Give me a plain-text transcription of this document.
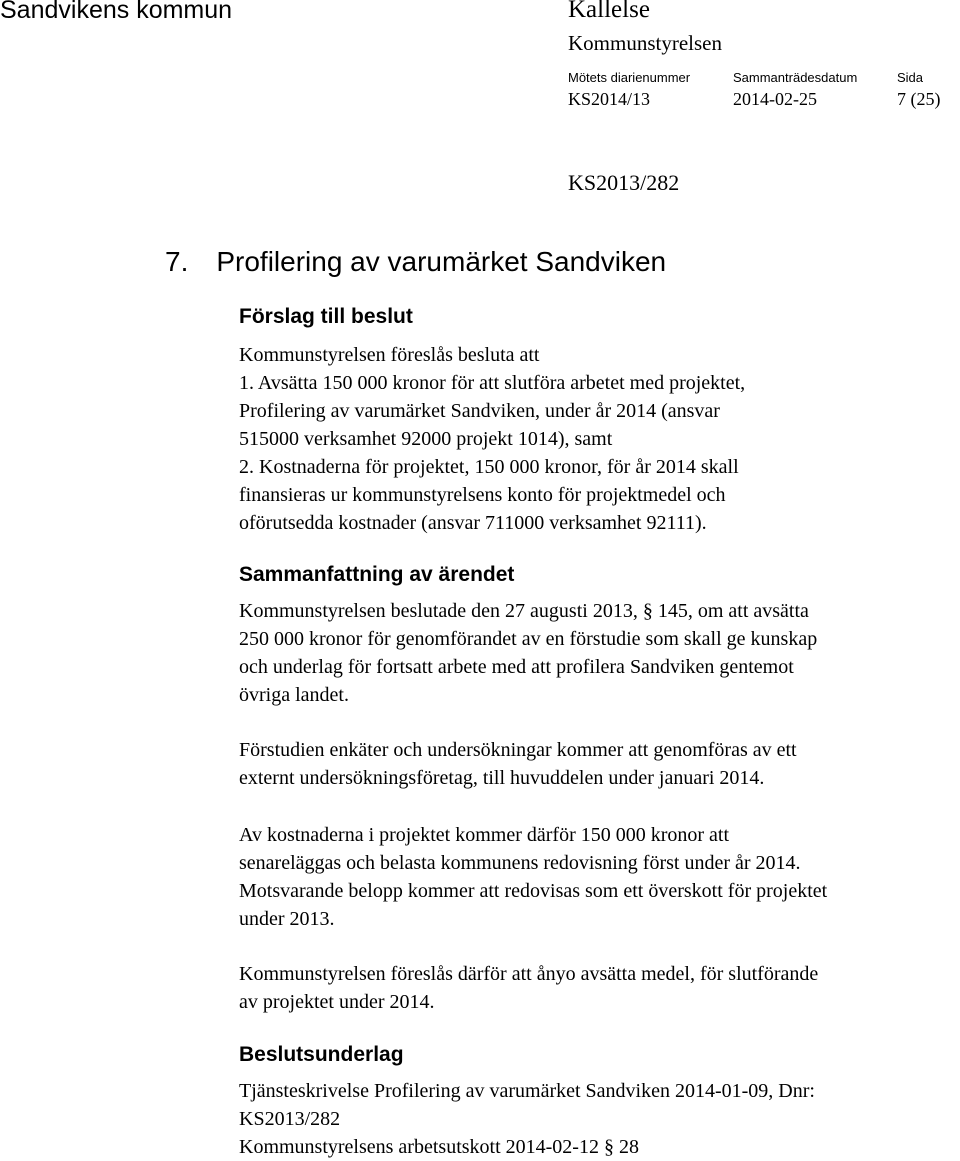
Sandvikens kommun	Kallelse
Kommunstyrelsen
Mötets diarienummer
KS2014/13
Sammanträdesdatum
2014-02-25
Sida
7 (25)
KS2013/282
7. Profilering av varumärket Sandviken
Förslag till beslut
Kommunstyrelsen föreslås besluta att
1. Avsätta 150 000 kronor för att slutföra arbetet med projektet,
Profilering av varumärket Sandviken, under år 2014 (ansvar
515000 verksamhet 92000 projekt 1014), samt
2. Kostnaderna för projektet, 150 000 kronor, för år 2014 skall
finansieras ur kommunstyrelsens konto för projektmedel och
oförutsedda kostnader (ansvar 711000 verksamhet 92111).
Sammanfattning av ärendet
Kommunstyrelsen beslutade den 27 augusti 2013, § 145, om att avsätta
250 000 kronor för genomförandet av en förstudie som skall ge kunskap
och underlag för fortsatt arbete med att profilera Sandviken gentemot
övriga landet.
Förstudien enkäter och undersökningar kommer att genomföras av ett
externt undersökningsföretag, till huvuddelen under januari 2014.
Av kostnaderna i projektet kommer därför 150 000 kronor att
senareläggas och belasta kommunens redovisning först under år 2014.
Motsvarande belopp kommer att redovisas som ett överskott för projektet
under 2013.
Kommunstyrelsen föreslås därför att ånyo avsätta medel, för slutförande
av projektet under 2014.
Beslutsunderlag
Tjänsteskrivelse Profilering av varumärket Sandviken 2014-01-09, Dnr:
KS2013/282
Kommunstyrelsens arbetsutskott 2014-02-12 § 28
